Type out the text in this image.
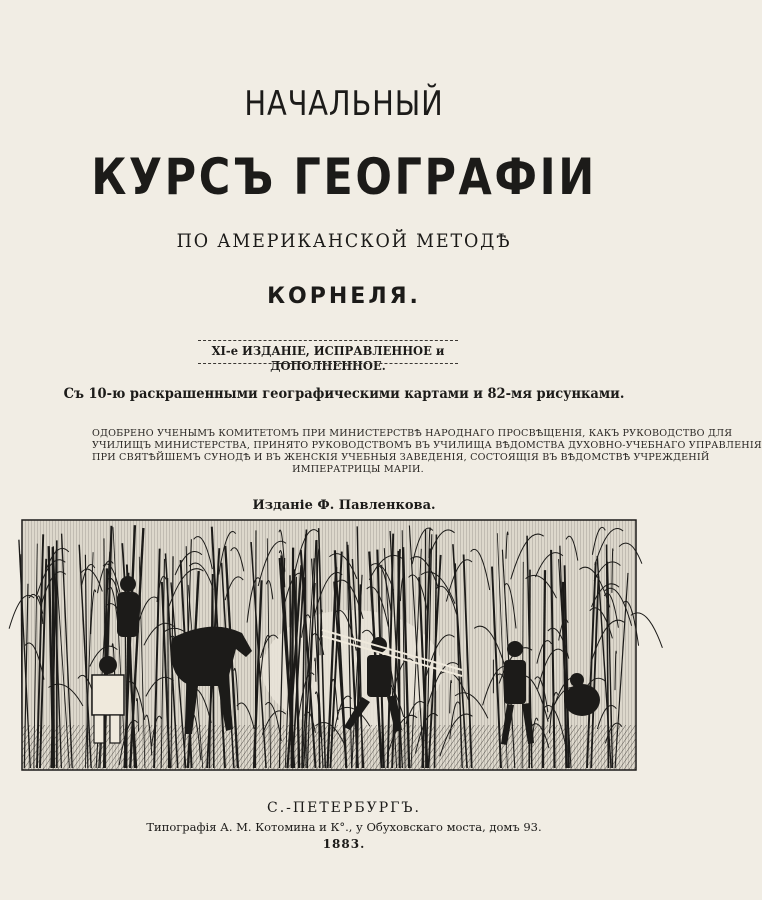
НАЧАЛЬНЫЙ
КУРСЪ ГЕОГРАФІИ
ПО АМЕРИКАНСКОЙ МЕТОДѢ
КОРНЕЛЯ.
XI-е ИЗДАНІЕ, ИСПРАВЛЕННОЕ и ДОПОЛНЕННОЕ.
Съ 10-ю раскрашенными географическими картами и 82-мя рисунками.
ОДОБРЕНО УЧЕНЫМЪ КОМИТЕТОМЪ ПРИ МИНИСТЕРСТВѢ НАРОДНАГО ПРОСВѢЩЕНІЯ, КАКЪ РУКОВОДСТВО ДЛЯ
УЧИЛИЩЪ МИНИСТЕРСТВА, ПРИНЯТО РУКОВОДСТВОМЪ ВЪ УЧИЛИЩА ВѢДОМСТВА ДУХОВНО-УЧЕБНАГО УПРАВЛЕНІЯ
ПРИ СВЯТѢЙШЕМЪ СУНОДѢ И ВЪ ЖЕНСКІЯ УЧЕБНЫЯ ЗАВЕДЕНІЯ, СОСТОЯЩІЯ ВЪ ВѢДОМСТВѢ УЧРЕЖДЕНІЙ
ИМПЕРАТРИЦЫ МАРІИ.
Изданіе Ф. Павленкова.
С.-ПЕТЕРБУРГЪ.
Типографія А. М. Котомина и К°., у Обуховскаго моста, домъ 93.
1883.
